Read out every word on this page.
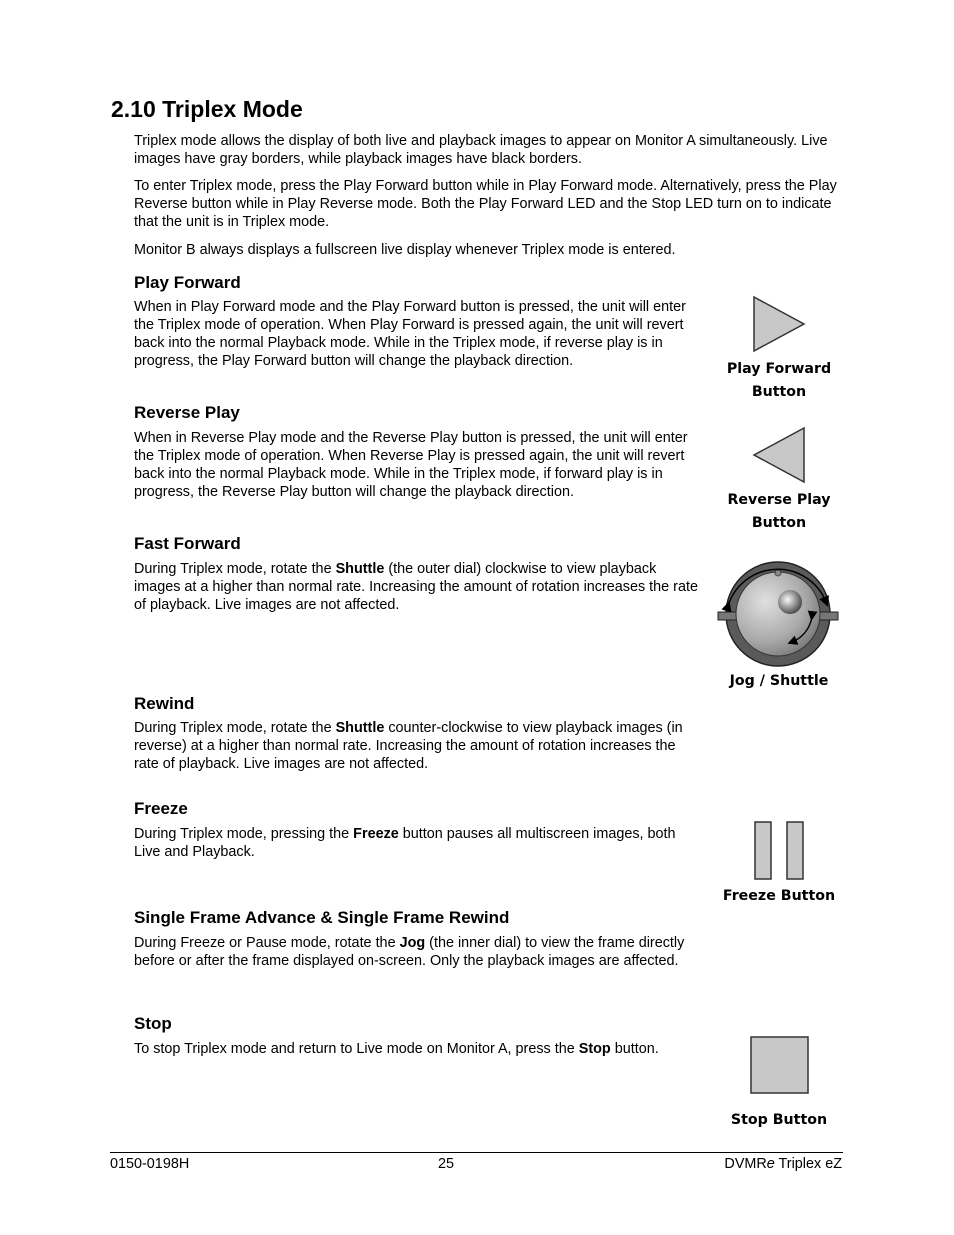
2.10 Triplex Mode

Triplex mode allows the display of both live and playback images to appear on Monitor A simultaneously. Live images have gray borders, while playback images have black borders.

To enter Triplex mode, press the Play Forward button while in Play Forward mode. Alternatively, press the Play Reverse button while in Play Reverse mode. Both the Play Forward LED and the Stop LED turn on to indicate that the unit is in Triplex mode.

Monitor B always displays a fullscreen live display whenever Triplex mode is entered.

Play Forward

When in Play Forward mode and the Play Forward button is pressed, the unit will enter the Triplex mode of operation. When Play Forward is pressed again, the unit will revert back into the normal Playback mode. While in the Triplex mode, if reverse play is in progress, the Play Forward button will change the playback direction.

Reverse Play

When in Reverse Play mode and the Reverse Play button is pressed, the unit will enter the Triplex mode of operation. When Reverse Play is pressed again, the unit will revert back into the normal Playback mode. While in the Triplex mode, if forward play is in progress, the Reverse Play button will change the playback direction.

Fast Forward

During Triplex mode, rotate the Shuttle (the outer dial) clockwise to view playback images at a higher than normal rate. Increasing the amount of rotation increases the rate of playback. Live images are not affected.

Rewind

During Triplex mode, rotate the Shuttle counter-clockwise to view playback images (in reverse) at a higher than normal rate. Increasing the amount of rotation increases the rate of playback. Live images are not affected.

Freeze

During Triplex mode, pressing the Freeze button pauses all multiscreen images, both Live and Playback.

Single Frame Advance & Single Frame Rewind

During Freeze or Pause mode, rotate the Jog (the inner dial) to view the frame directly before or after the frame displayed on-screen. Only the playback images are affected.

Stop

To stop Triplex mode and return to Live mode on Monitor A, press the Stop button.

Play Forward
Button
Reverse Play
Button
Jog / Shuttle
Freeze Button
Stop Button
0150-0198H	25	DVMRe Triplex eZ
